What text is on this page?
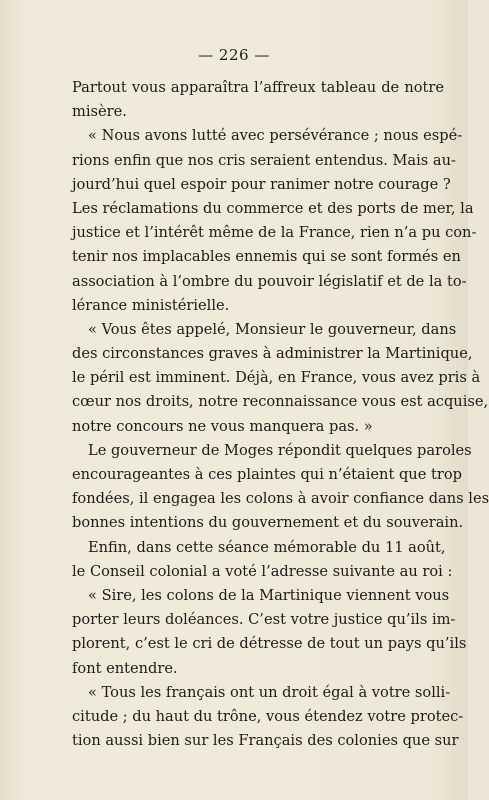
— 226 —
Partout vous apparaîtra l’affreux tableau de notre
misère.
« Nous avons lutté avec persévérance ; nous espé-
rions enfin que nos cris seraient entendus. Mais au-
jourd’hui quel espoir pour ranimer notre courage ?
Les réclamations du commerce et des ports de mer, la
justice et l’intérêt même de la France, rien n’a pu con-
tenir nos implacables ennemis qui se sont formés en
association à l’ombre du pouvoir législatif et de la to-
lérance ministérielle.
« Vous êtes appelé, Monsieur le gouverneur, dans
des circonstances graves à administrer la Martinique,
le péril est imminent. Déjà, en France, vous avez pris à
cœur nos droits, notre reconnaissance vous est acquise,
notre concours ne vous manquera pas. »
Le gouverneur de Moges répondit quelques paroles
encourageantes à ces plaintes qui n’étaient que trop
fondées, il engagea les colons à avoir confiance dans les
bonnes intentions du gouvernement et du souverain.
Enfin, dans cette séance mémorable du 11 août,
le Conseil colonial a voté l’adresse suivante au roi :
« Sire, les colons de la Martinique viennent vous
porter leurs doléances. C’est votre justice qu’ils im-
plorent, c’est le cri de détresse de tout un pays qu’ils
font entendre.
« Tous les français ont un droit égal à votre solli-
citude ; du haut du trône, vous étendez votre protec-
tion aussi bien sur les Français des colonies que sur
